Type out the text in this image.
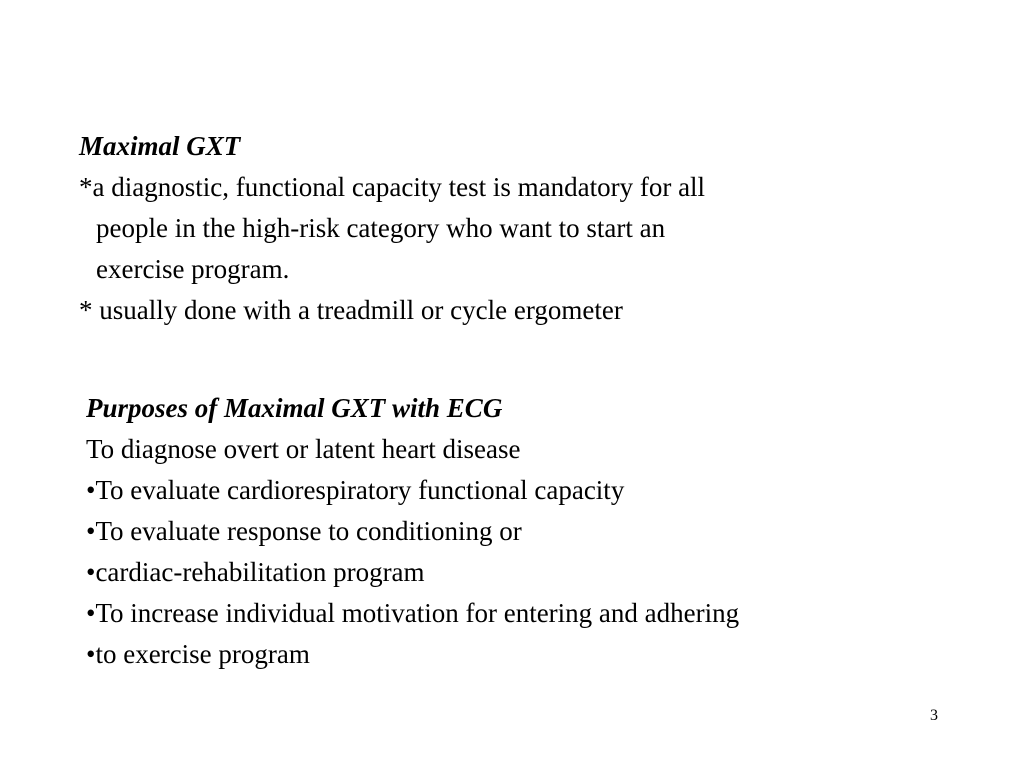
Maximal GXT
*a diagnostic, functional capacity test is mandatory for all
people in the high-risk category who want to start an
exercise program.
* usually done with a treadmill or cycle ergometer
Purposes of Maximal GXT with ECG
To diagnose overt or latent heart disease
•To evaluate cardiorespiratory functional capacity
•To evaluate response to conditioning or
•cardiac-rehabilitation program
•To increase individual motivation for entering and adhering
•to exercise program
3
